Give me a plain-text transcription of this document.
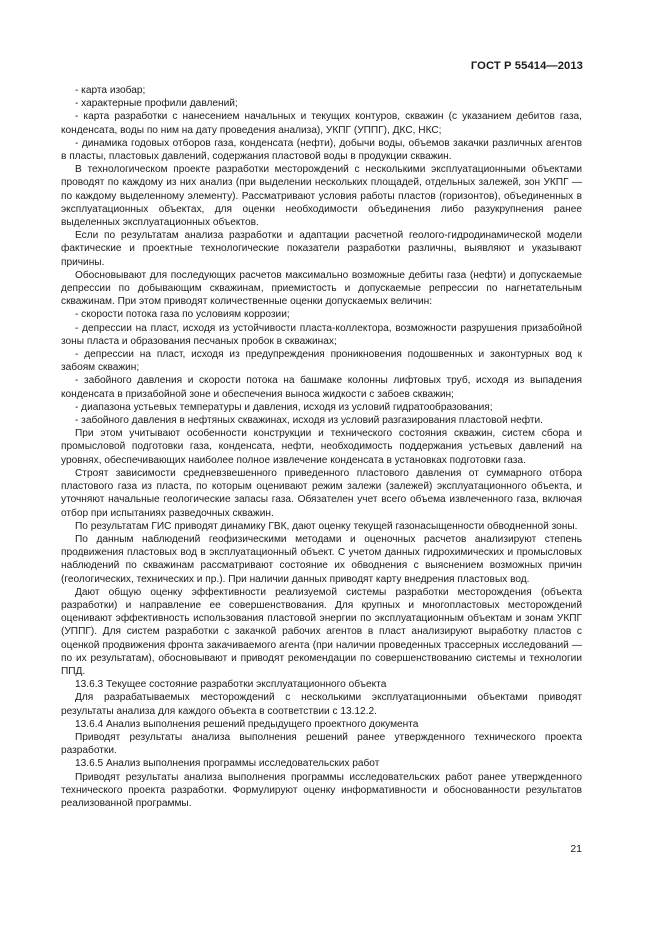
ГОСТ Р 55414—2013

- карта изобар;

- характерные профили давлений;

- карта разработки с нанесением начальных и текущих контуров, скважин (с указанием дебитов газа, конденсата, воды по ним на дату проведения анализа), УКПГ (УППГ), ДКС, НКС;

- динамика годовых отборов газа, конденсата (нефти), добычи воды, объемов закачки различных агентов в пласты, пластовых давлений, содержания пластовой воды в продукции скважин.

В технологическом проекте разработки месторождений с несколькими эксплуатационными объектами проводят по каждому из них анализ (при выделении нескольких площадей, отдельных залежей, зон УКПГ — по каждому выделенному элементу). Рассматривают условия работы пластов (горизонтов), объединенных в эксплуатационных объектах, для оценки необходимости объединения либо разукрупнения ранее выделенных эксплуатационных объектов.

Если по результатам анализа разработки и адаптации расчетной геолого-гидродинамической модели фактические и проектные технологические показатели разработки различны, выявляют и указывают причины.

Обосновывают для последующих расчетов максимально возможные дебиты газа (нефти) и допускаемые депрессии по добывающим скважинам, приемистость и допускаемые репрессии по нагнетательным скважинам. При этом приводят количественные оценки допускаемых величин:

- скорости потока газа по условиям коррозии;

- депрессии на пласт, исходя из устойчивости пласта-коллектора, возможности разрушения призабойной зоны пласта и образования песчаных пробок в скважинах;

- депрессии на пласт, исходя из предупреждения проникновения подошвенных и законтурных вод к забоям скважин;

- забойного давления и скорости потока на башмаке колонны лифтовых труб, исходя из выпадения конденсата в призабойной зоне и обеспечения выноса жидкости с забоев скважин;

- диапазона устьевых температуры и давления, исходя из условий гидратообразования;

- забойного давления в нефтяных скважинах, исходя из условий разгазирования пластовой нефти.

При этом учитывают особенности конструкции и технического состояния скважин, систем сбора и промысловой подготовки газа, конденсата, нефти, необходимость поддержания устьевых давлений на уровнях, обеспечивающих наиболее полное извлечение конденсата в установках подготовки газа.

Строят зависимости средневзвешенного приведенного пластового давления от суммарного отбора пластового газа из пласта, по которым оценивают режим залежи (залежей) эксплуатационного объекта, и уточняют начальные геологические запасы газа. Обязателен учет всего объема извлеченного газа, включая отбор при испытаниях разведочных скважин.

По результатам ГИС приводят динамику ГВК, дают оценку текущей газонасыщенности обводненной зоны.

По данным наблюдений геофизическими методами и оценочных расчетов анализируют степень продвижения пластовых вод в эксплуатационный объект. С учетом данных гидрохимических и промысловых наблюдений по скважинам рассматривают состояние их обводнения с выяснением возможных причин (геологических, технических и пр.). При наличии данных приводят карту внедрения пластовых вод.

Дают общую оценку эффективности реализуемой системы разработки месторождения (объекта разработки) и направление ее совершенствования. Для крупных и многопластовых месторождений оценивают эффективность использования пластовой энергии по эксплуатационным объектам и зонам УКПГ (УППГ). Для систем разработки с закачкой рабочих агентов в пласт анализируют выработку пластов с оценкой продвижения фронта закачиваемого агента (при наличии проведенных трассерных исследований — по их результатам), обосновывают и приводят рекомендации по совершенствованию системы и технологии ППД.

13.6.3 Текущее состояние разработки эксплуатационного объекта

Для разрабатываемых месторождений с несколькими эксплуатационными объектами приводят результаты анализа для каждого объекта в соответствии с 13.12.2.

13.6.4 Анализ выполнения решений предыдущего проектного документа

Приводят результаты анализа выполнения решений ранее утвержденного технического проекта разработки.

13.6.5 Анализ выполнения программы исследовательских работ

Приводят результаты анализа выполнения программы исследовательских работ ранее утвержденного технического проекта разработки. Формулируют оценку информативности и обоснованности результатов реализованной программы.

21
